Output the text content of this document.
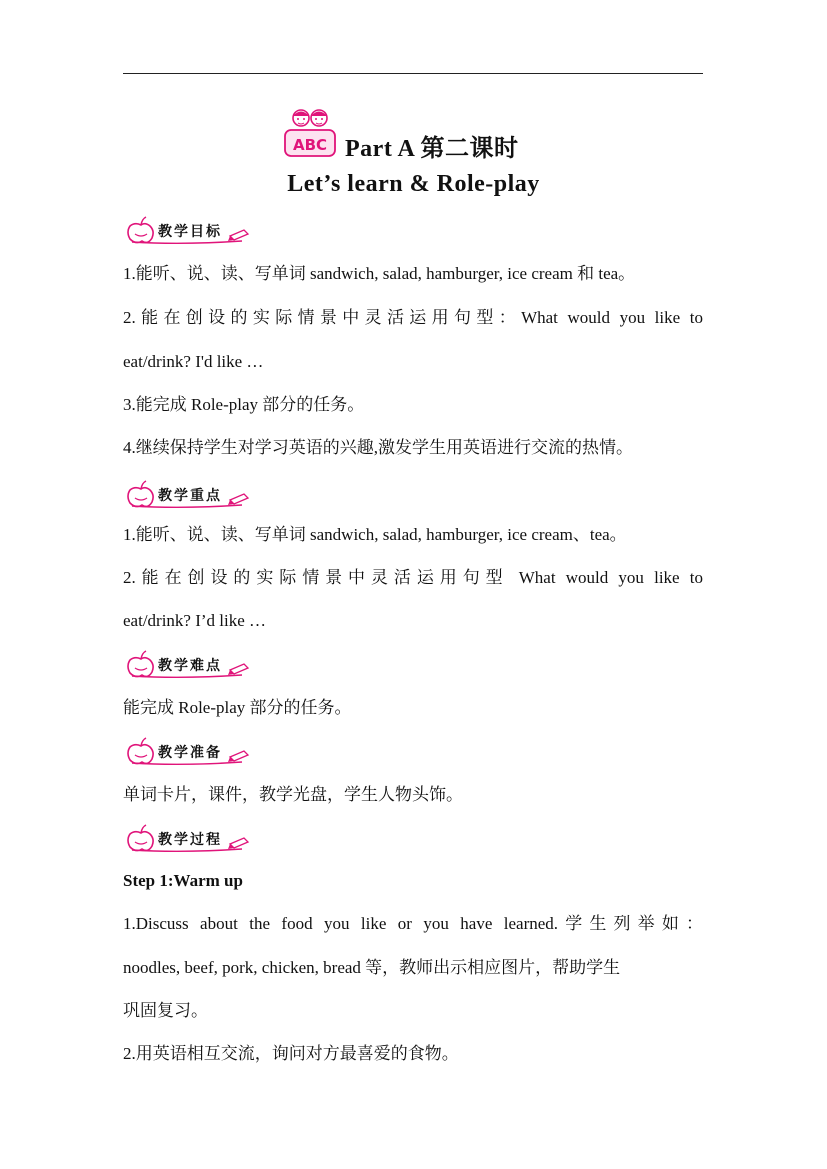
ABC Part A 第二课时
Let’s learn & Role-play
教学目标
1.能听、说、读、写单词 sandwich, salad, hamburger, ice cream 和 tea。
2.能在创设的实际情景中灵活运用句型：What would you like to
eat/drink? I'd like …
3.能完成 Role-play 部分的任务。
4.继续保持学生对学习英语的兴趣,激发学生用英语进行交流的热情。
教学重点
1.能听、说、读、写单词 sandwich, salad, hamburger, ice cream、tea。
2.能在创设的实际情景中灵活运用句型 What would you like to
eat/drink? I’d like …
教学难点
能完成 Role-play 部分的任务。
教学准备
单词卡片，课件，教学光盘，学生人物头饰。
教学过程
Step 1:Warm up
1.Discuss about the food you like or you have learned.学生列举如：
noodles, beef, pork, chicken, bread 等，教师出示相应图片，帮助学生
巩固复习。
2.用英语相互交流，询问对方最喜爱的食物。
